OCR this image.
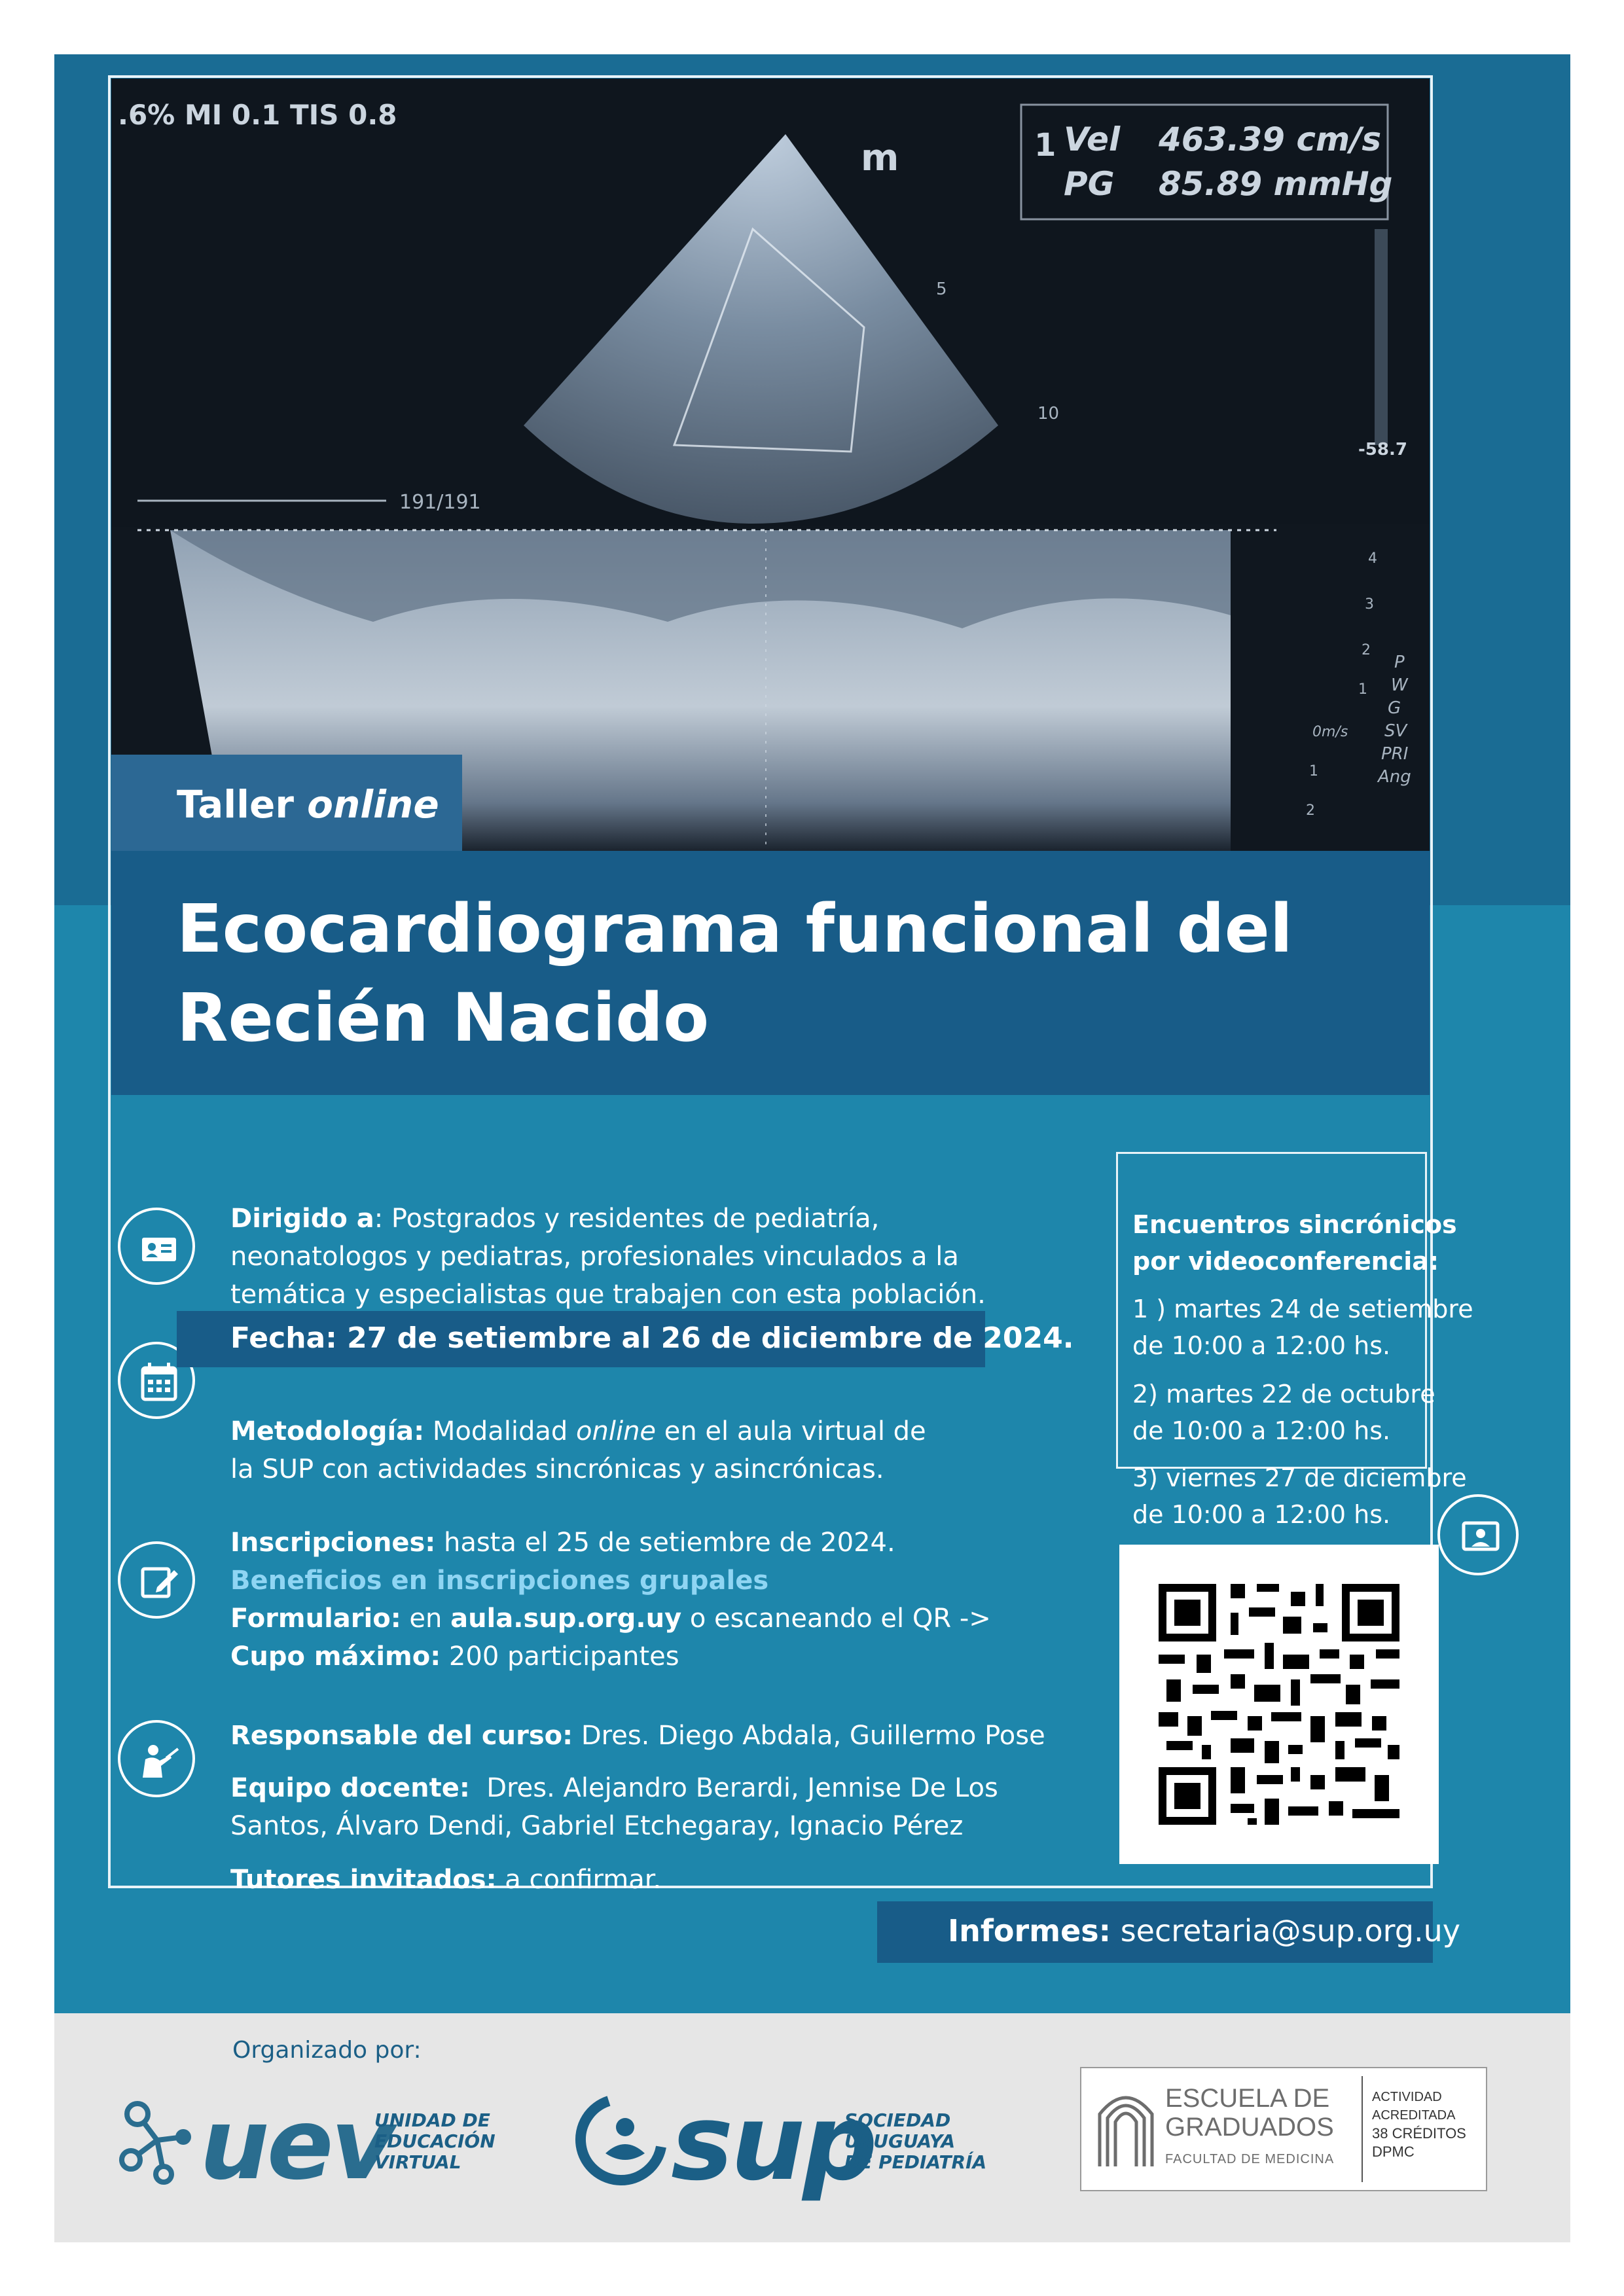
.6% MI 0.1 TIS 0.8
1 Vel 463.39 cm/s
PG 85.89 mmHg
m
-58.7
5
10
191/191
4
3
2
1
0m/s
1
2
P
W
G
SV
PRI
Ang
Taller online
Ecocardiograma funcional del
Recién Nacido
Dirigido a: Postgrados y residentes de pediatría,
neonatologos y pediatras, profesionales vinculados a la
temática y especialistas que trabajen con esta población.
Fecha: 27 de setiembre al 26 de diciembre de 2024.
Metodología: Modalidad online en el aula virtual de
la SUP con actividades sincrónicas y asincrónicas.
Inscripciones: hasta el 25 de setiembre de 2024.
Beneficios en inscripciones grupales
Formulario: en aula.sup.org.uy o escaneando el QR ->
Cupo máximo: 200 participantes
Responsable del curso: Dres. Diego Abdala, Guillermo Pose
Equipo docente:  Dres. Alejandro Berardi, Jennise De Los
Santos, Álvaro Dendi, Gabriel Etchegaray, Ignacio Pérez
Tutores invitados: a confirmar.
Encuentros sincrónicos
por videoconferencia:
1 ) martes 24 de setiembre
de 10:00 a 12:00 hs.
2) martes 22 de octubre
de 10:00 a 12:00 hs.
3) viernes 27 de diciembre
de 10:00 a 12:00 hs.
Informes: secretaria@sup.org.uy
Organizado por:
uev
UNIDAD DE
EDUCACIÓN
VIRTUAL	sup
SOCIEDAD
URUGUAYA
DE PEDIATRÍA
ESCUELA DE
GRADUADOS
FACULTAD DE MEDICINA
ACTIVIDAD
ACREDITADA
38 CRÉDITOS
DPMC
